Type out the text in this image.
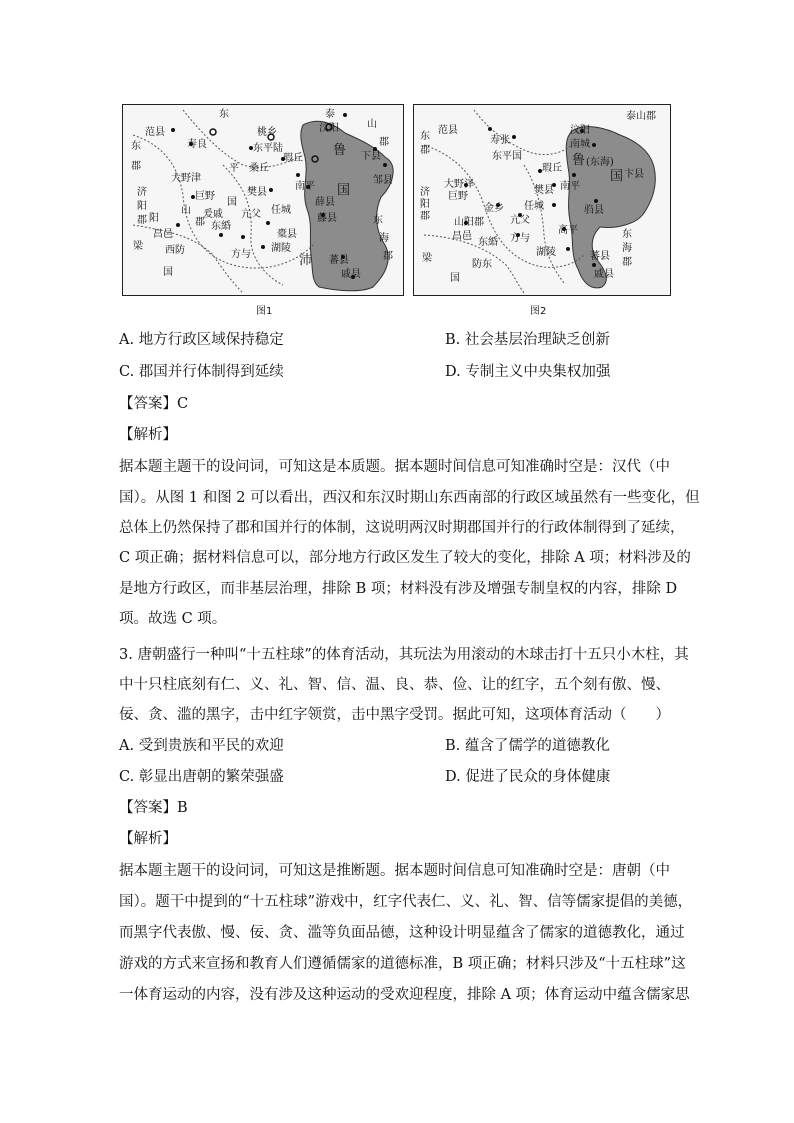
范县
东	泰
山
汶阳
桃乡
寿良	东平陆
东
郡
郡
下县
邹县
鲁
平
大野津
桑丘
瑕丘
樊县
南平 国
济
阳
郡
巨野
山
郡
爰戚
东緍
国
亢父 任城
阳
昌邑
西防
梁
国
方与
橐县
湖陵
沛
薛县
藤县
蕃县
戚县
东
海
郡
图1
泰山郡
范县
东
郡
汶阳
寿张	南城
东平国	鲁 (东海)
国 卞县
济
阳
郡
大野泽
巨野
瑕丘
樊县 南平
金乡 任城
山阳郡	亢父
驺县
昌邑
东緍 方与
高平
湖陵
梁
国
防东
蕃县
戚县
东
海
郡
图2
A. 地方行政区域保持稳定	B. 社会基层治理缺乏创新
C. 郡国并行体制得到延续	D. 专制主义中央集权加强
【答案】C
【解析】
据本题主题干的设问词，可知这是本质题。据本题时间信息可知准确时空是：汉代（中
国）。从图 1 和图 2 可以看出，西汉和东汉时期山东西南部的行政区域虽然有一些变化，但
总体上仍然保持了郡和国并行的体制，这说明两汉时期郡国并行的行政体制得到了延续，
C 项正确；据材料信息可以，部分地方行政区发生了较大的变化，排除 A 项；材料涉及的
是地方行政区，而非基层治理，排除 B 项；材料没有涉及增强专制皇权的内容，排除 D
项。故选 C 项。
3. 唐朝盛行一种叫“十五柱球”的体育活动，其玩法为用滚动的木球击打十五只小木柱，其
中十只柱底刻有仁、义、礼、智、信、温、良、恭、俭、让的红字，五个刻有傲、慢、
佞、贪、滥的黑字，击中红字领赏，击中黑字受罚。据此可知，这项体育活动（　　）
A. 受到贵族和平民的欢迎	B. 蕴含了儒学的道德教化
C. 彰显出唐朝的繁荣强盛	D. 促进了民众的身体健康
【答案】B
【解析】
据本题主题干的设问词，可知这是推断题。据本题时间信息可知准确时空是：唐朝（中
国）。题干中提到的“十五柱球”游戏中，红字代表仁、义、礼、智、信等儒家提倡的美德，
而黑字代表傲、慢、佞、贪、滥等负面品德，这种设计明显蕴含了儒家的道德教化，通过
游戏的方式来宣扬和教育人们遵循儒家的道德标准，B 项正确；材料只涉及“十五柱球”这
一体育运动的内容，没有涉及这种运动的受欢迎程度，排除 A 项；体育运动中蕴含儒家思
